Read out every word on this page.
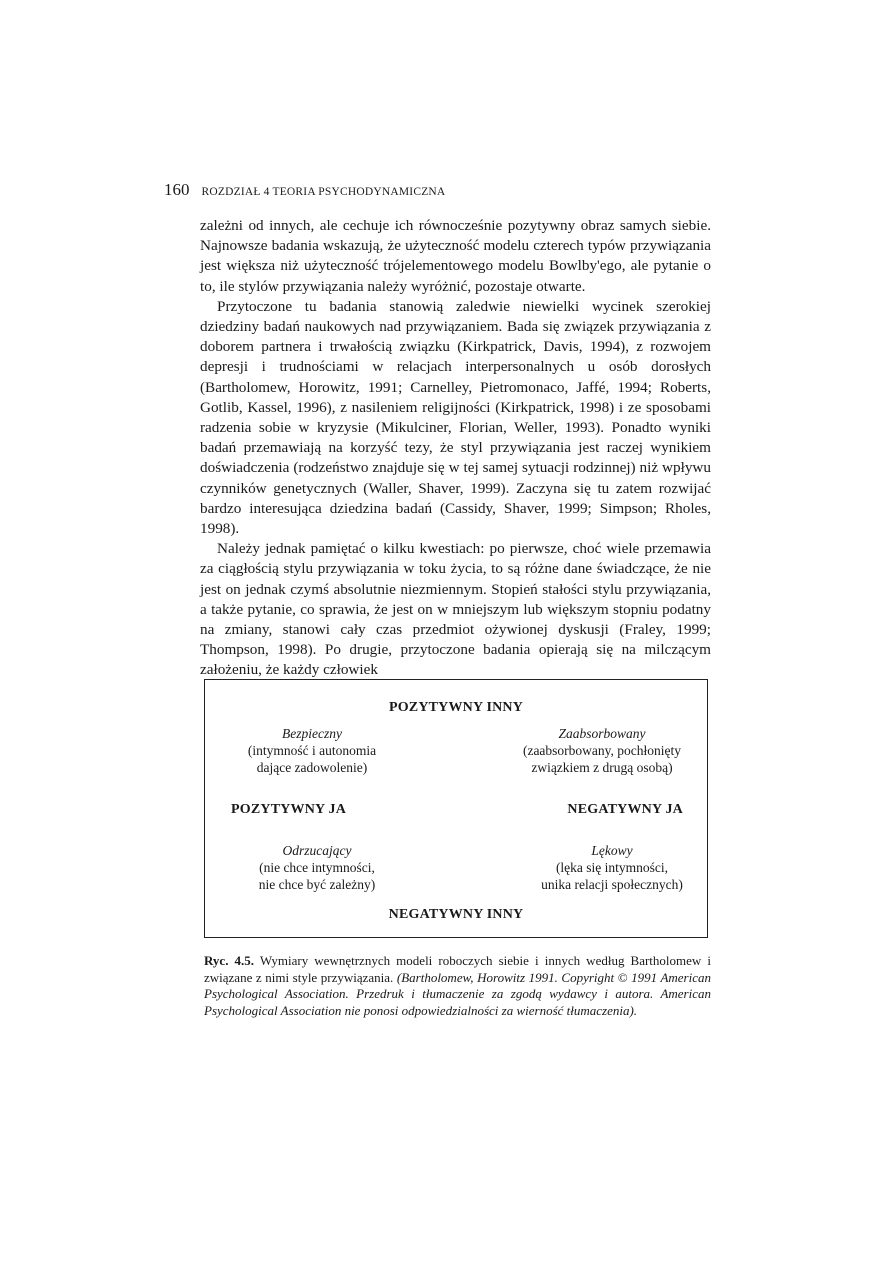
160 ROZDZIAŁ 4 TEORIA PSYCHODYNAMICZNA

zależni od innych, ale cechuje ich równocześnie pozytywny obraz samych siebie. Najnowsze badania wskazują, że użyteczność modelu czterech typów przywiązania jest większa niż użyteczność trójelementowego modelu Bowlby'ego, ale pytanie o to, ile stylów przywiązania należy wyróżnić, pozostaje otwarte.

Przytoczone tu badania stanowią zaledwie niewielki wycinek szerokiej dziedziny badań naukowych nad przywiązaniem. Bada się związek przywiązania z doborem partnera i trwałością związku (Kirkpatrick, Davis, 1994), z rozwojem depresji i trudnościami w relacjach interpersonalnych u osób dorosłych (Bartholomew, Horowitz, 1991; Carnelley, Pietromonaco, Jaffé, 1994; Roberts, Gotlib, Kassel, 1996), z nasileniem religijności (Kirkpatrick, 1998) i ze sposobami radzenia sobie w kryzysie (Mikulciner, Florian, Weller, 1993). Ponadto wyniki badań przemawiają na korzyść tezy, że styl przywiązania jest raczej wynikiem doświadczenia (rodzeństwo znajduje się w tej samej sytuacji rodzinnej) niż wpływu czynników genetycznych (Waller, Shaver, 1999). Zaczyna się tu zatem rozwijać bardzo interesująca dziedzina badań (Cassidy, Shaver, 1999; Simpson; Rholes, 1998).

Należy jednak pamiętać o kilku kwestiach: po pierwsze, choć wiele przemawia za ciągłością stylu przywiązania w toku życia, to są różne dane świadczące, że nie jest on jednak czymś absolutnie niezmiennym. Stopień stałości stylu przywiązania, a także pytanie, co sprawia, że jest on w mniejszym lub większym stopniu podatny na zmiany, stanowi cały czas przedmiot ożywionej dyskusji (Fraley, 1999; Thompson, 1998). Po drugie, przytoczone badania opierają się na milczącym założeniu, że każdy człowiek

POZYTYWNY INNY
Bezpieczny
(intymność i autonomia
dające zadowolenie)
Zaabsorbowany
(zaabsorbowany, pochłonięty
związkiem z drugą osobą)
POZYTYWNY JA	NEGATYWNY JA
Odrzucający
(nie chce intymności,
nie chce być zależny)
Lękowy
(lęka się intymności,
unika relacji społecznych)
NEGATYWNY INNY
Ryc. 4.5. Wymiary wewnętrznych modeli roboczych siebie i innych według Bartholomew i związane z nimi style przywiązania. (Bartholomew, Horowitz 1991. Copyright © 1991 American Psychological Association. Przedruk i tłumaczenie za zgodą wydawcy i autora. American Psychological Association nie ponosi odpowiedzialności za wierność tłumaczenia).
